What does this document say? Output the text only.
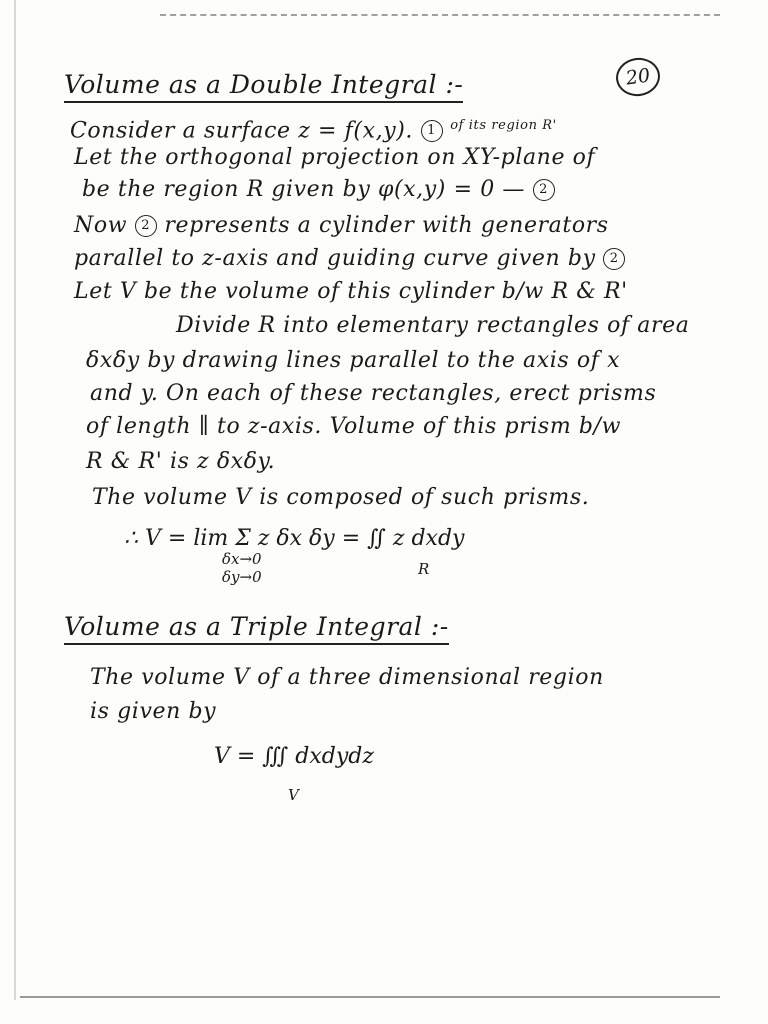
20
Volume as a Double Integral :-
Consider a surface z = f(x,y). 1 $^{of its region R'}$
Let the orthogonal projection on XY-plane of
be the region R given by φ(x,y) = 0 — 2
Now 2 represents a cylinder with generators
parallel to z-axis and guiding curve given by 2
Let V be the volume of this cylinder b/w R & R'
Divide R into elementary rectangles of area
δxδy by drawing lines parallel to the axis of x
and y. On each of these rectangles, erect prisms
of length ∥ to z-axis. Volume of this prism b/w
R & R' is z δxδy.
The volume V is composed of such prisms.
∴ V = lim Σ z δx δy = ∬ z dxdy
δx→0
δy→0	R
Volume as a Triple Integral :-
The volume V of a three dimensional region
is given by
V = ∭ dxdydz
V
